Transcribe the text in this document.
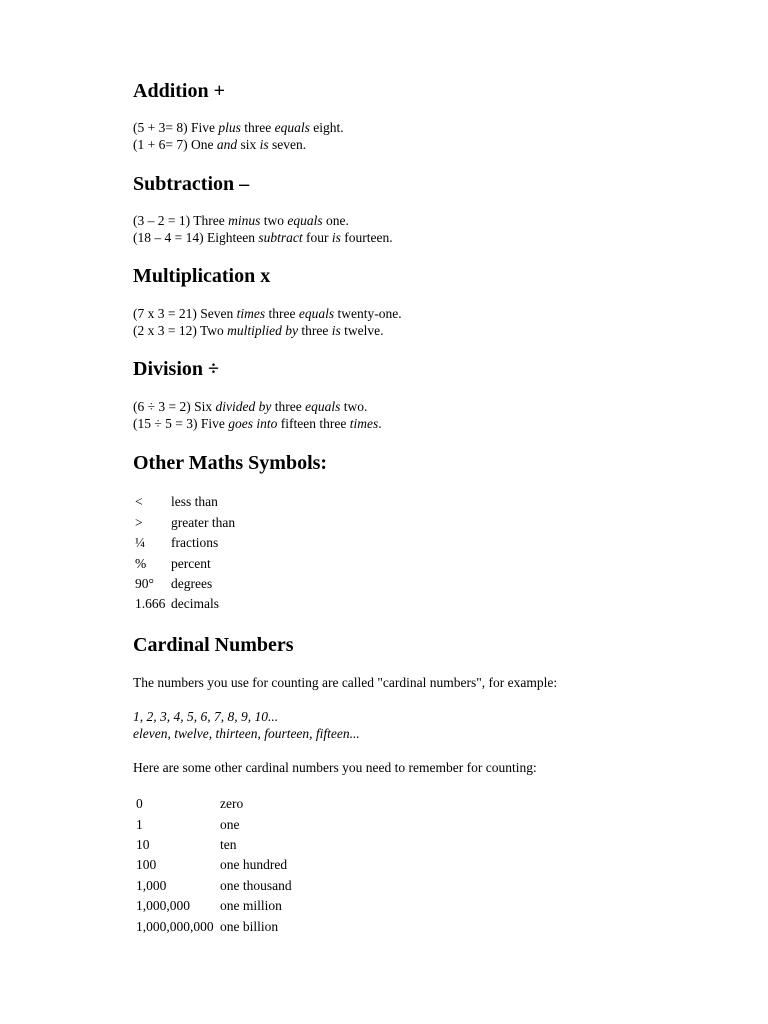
Addition +
(5 + 3= 8) Five plus three equals eight.
(1 + 6= 7) One and six is seven.
Subtraction –
(3 – 2 = 1) Three minus two equals one.
(18 – 4 = 14) Eighteen subtract four is fourteen.
Multiplication x
(7 x 3 = 21) Seven times three equals twenty-one.
(2 x 3 = 12) Two multiplied by three is twelve.
Division ÷
(6 ÷ 3 = 2) Six divided by three equals two.
(15 ÷ 5 = 3) Five goes into fifteen three times.
Other Maths Symbols:
< less than
> greater than
¼ fractions
% percent
90° degrees
1.666 decimals
Cardinal Numbers
The numbers you use for counting are called "cardinal numbers", for example:
1, 2, 3, 4, 5, 6, 7, 8, 9, 10...
eleven, twelve, thirteen, fourteen, fifteen...
Here are some other cardinal numbers you need to remember for counting:
0	zero
1	one
10	ten
100	one hundred
1,000	one thousand
1,000,000 one million
1,000,000,000 one billion
